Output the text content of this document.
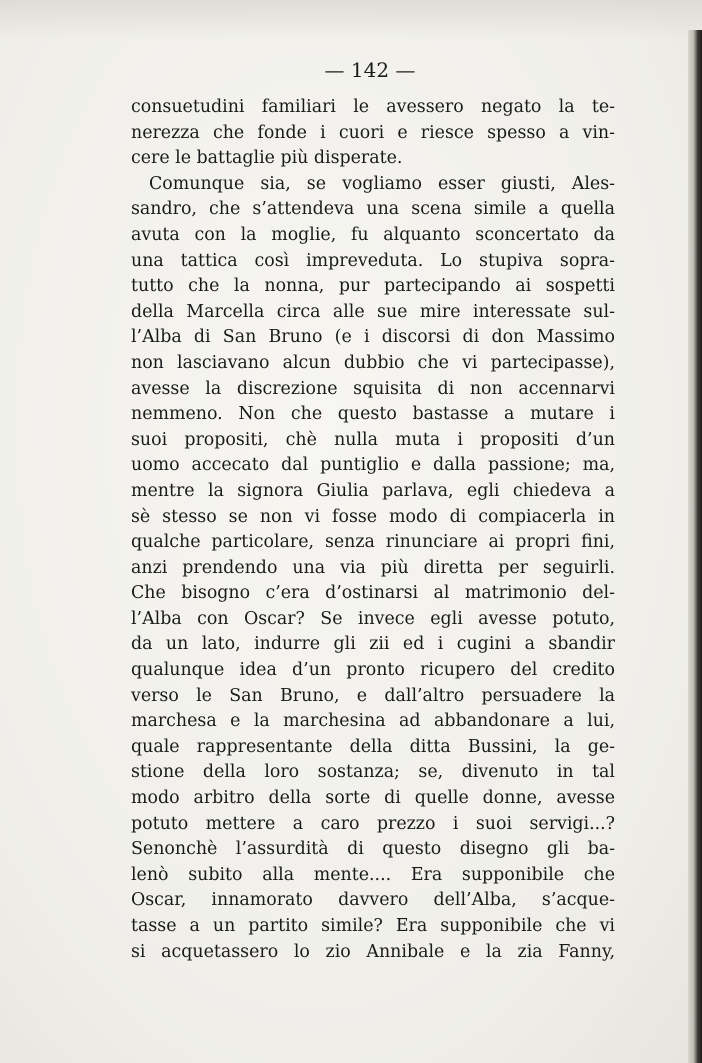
— 142 —
consuetudini familiari le avessero negato la te-
nerezza che fonde i cuori e riesce spesso a vin-
cere le battaglie più disperate.
Comunque sia, se vogliamo esser giusti, Ales-
sandro, che s’attendeva una scena simile a quella
avuta con la moglie, fu alquanto sconcertato da
una tattica così impreveduta. Lo stupiva sopra-
tutto che la nonna, pur partecipando ai sospetti
della Marcella circa alle sue mire interessate sul-
l’Alba di San Bruno (e i discorsi di don Massimo
non lasciavano alcun dubbio che vi partecipasse),
avesse la discrezione squisita di non accennarvi
nemmeno. Non che questo bastasse a mutare i
suoi propositi, chè nulla muta i propositi d’un
uomo accecato dal puntiglio e dalla passione; ma,
mentre la signora Giulia parlava, egli chiedeva a
sè stesso se non vi fosse modo di compiacerla in
qualche particolare, senza rinunciare ai propri fini,
anzi prendendo una via più diretta per seguirli.
Che bisogno c’era d’ostinarsi al matrimonio del-
l’Alba con Oscar? Se invece egli avesse potuto,
da un lato, indurre gli zii ed i cugini a sbandir
qualunque idea d’un pronto ricupero del credito
verso le San Bruno, e dall’altro persuadere la
marchesa e la marchesina ad abbandonare a lui,
quale rappresentante della ditta Bussini, la ge-
stione della loro sostanza; se, divenuto in tal
modo arbitro della sorte di quelle donne, avesse
potuto mettere a caro prezzo i suoi servigi...?
Senonchè l’assurdità di questo disegno gli ba-
lenò subito alla mente.... Era supponibile che
Oscar, innamorato davvero dell’Alba, s’acque-
tasse a un partito simile? Era supponibile che vi
si acquetassero lo zio Annibale e la zia Fanny,
